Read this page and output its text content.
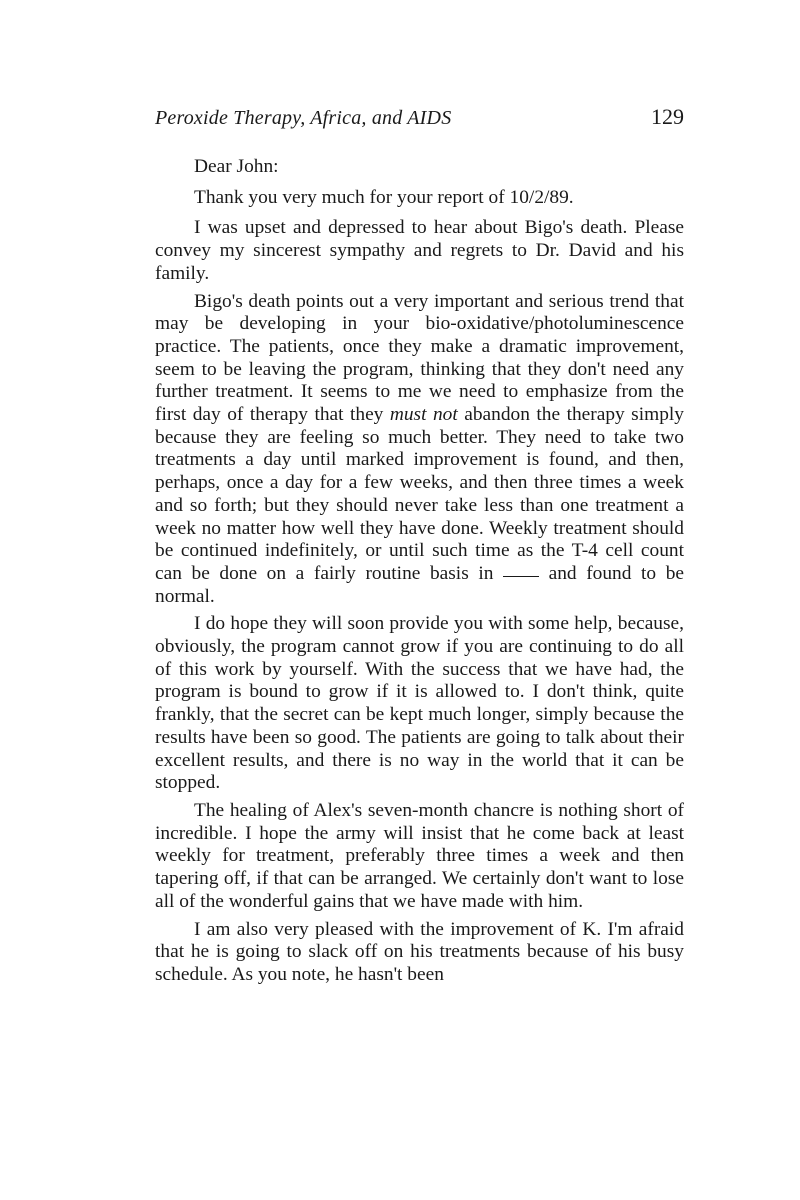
Peroxide Therapy, Africa, and AIDS	129

Dear John:

Thank you very much for your report of 10/2/89.

I was upset and depressed to hear about Bigo's death. Please convey my sincerest sympathy and regrets to Dr. David and his family.

Bigo's death points out a very important and serious trend that may be developing in your bio-oxidative/photoluminescence practice. The patients, once they make a dramatic improvement, seem to be leaving the program, thinking that they don't need any further treatment. It seems to me we need to emphasize from the first day of therapy that they must not abandon the therapy simply because they are feeling so much better. They need to take two treatments a day until marked improvement is found, and then, perhaps, once a day for a few weeks, and then three times a week and so forth; but they should never take less than one treatment a week no matter how well they have done. Weekly treatment should be continued indefinitely, or until such time as the T-4 cell count can be done on a fairly routine basis in  and found to be normal.

I do hope they will soon provide you with some help, because, obviously, the program cannot grow if you are continuing to do all of this work by yourself. With the success that we have had, the program is bound to grow if it is allowed to. I don't think, quite frankly, that the secret can be kept much longer, simply because the results have been so good. The patients are going to talk about their excellent results, and there is no way in the world that it can be stopped.

The healing of Alex's seven-month chancre is nothing short of incredible. I hope the army will insist that he come back at least weekly for treatment, preferably three times a week and then tapering off, if that can be arranged. We certainly don't want to lose all of the wonderful gains that we have made with him.

I am also very pleased with the improvement of K. I'm afraid that he is going to slack off on his treatments because of his busy schedule. As you note, he hasn't been
